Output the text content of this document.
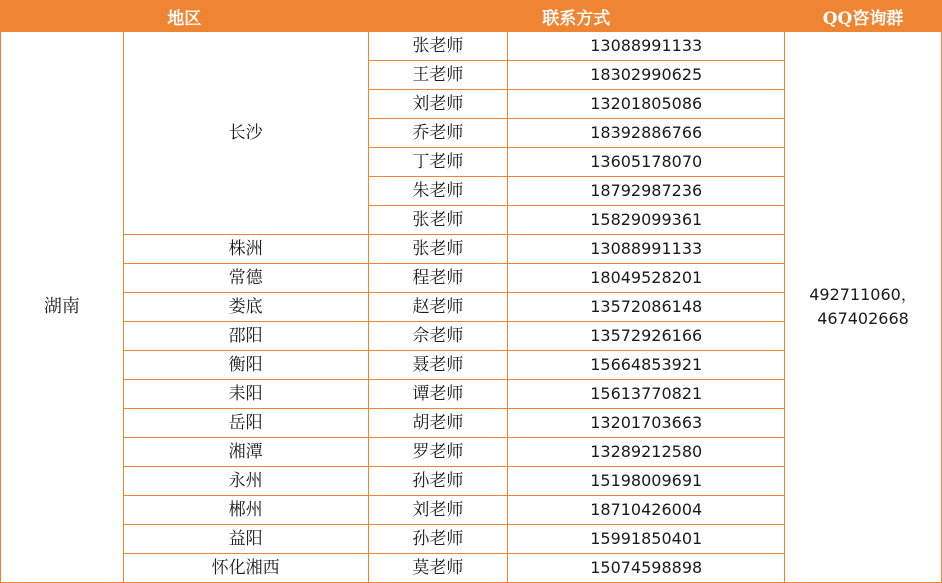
地区		联系方式		QQ咨询群
湖南	长沙	张老师	13088991133	492711060，
467402668

		王老师	18302990625	
		刘老师	13201805086	
		乔老师	18392886766	
		丁老师	13605178070	
		朱老师	18792987236	
		张老师	15829099361	
	株洲	张老师	13088991133	
	常德	程老师	18049528201	
	娄底	赵老师	13572086148	
	邵阳	佘老师	13572926166	
	衡阳	聂老师	15664853921	
	耒阳	谭老师	15613770821	
	岳阳	胡老师	13201703663	
	湘潭	罗老师	13289212580	
	永州	孙老师	15198009691	
	郴州	刘老师	18710426004	
	益阳	孙老师	15991850401	
	怀化湘西	莫老师	15074598898	
